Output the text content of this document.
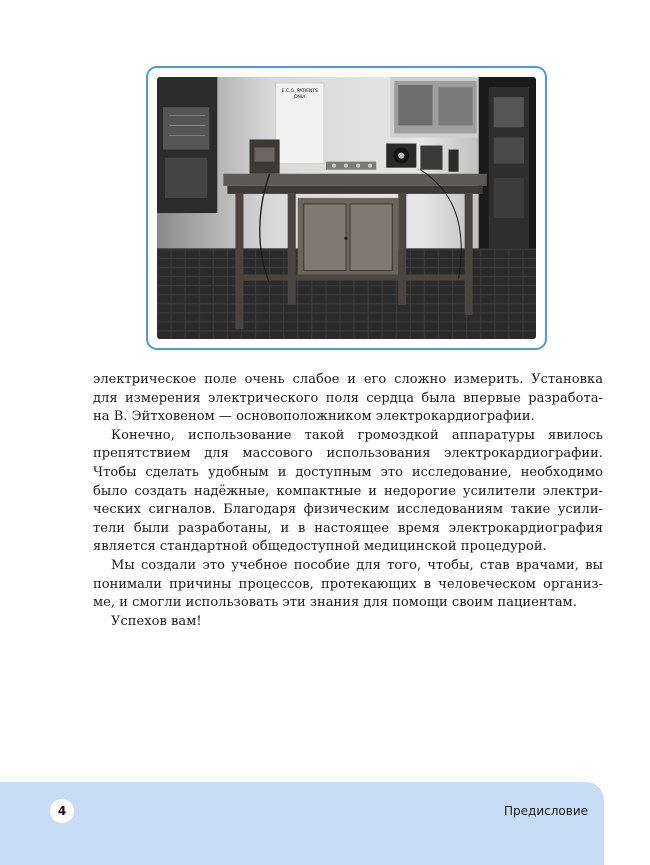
E.C.G. PATIENTS
ONLY

электрическое поле очень слабое и его сложно измерить. Установка
для измерения электрического поля сердца была впервые разработа-
на В. Эйтховеном — основоположником электрокардиографии.

Конечно, использование такой громоздкой аппаратуры явилось
препятствием для массового использования электрокардиографии.
Чтобы сделать удобным и доступным это исследование, необходимо
было создать надёжные, компактные и недорогие усилители электри-
ческих сигналов. Благодаря физическим исследованиям такие усили-
тели были разработаны, и в настоящее время электрокардиография
является стандартной общедоступной медицинской процедурой.

Мы создали это учебное пособие для того, чтобы, став врачами, вы
понимали причины процессов, протекающих в человеческом организ-
ме, и смогли использовать эти знания для помощи своим пациентам.

Успехов вам!

4	Предисловие
